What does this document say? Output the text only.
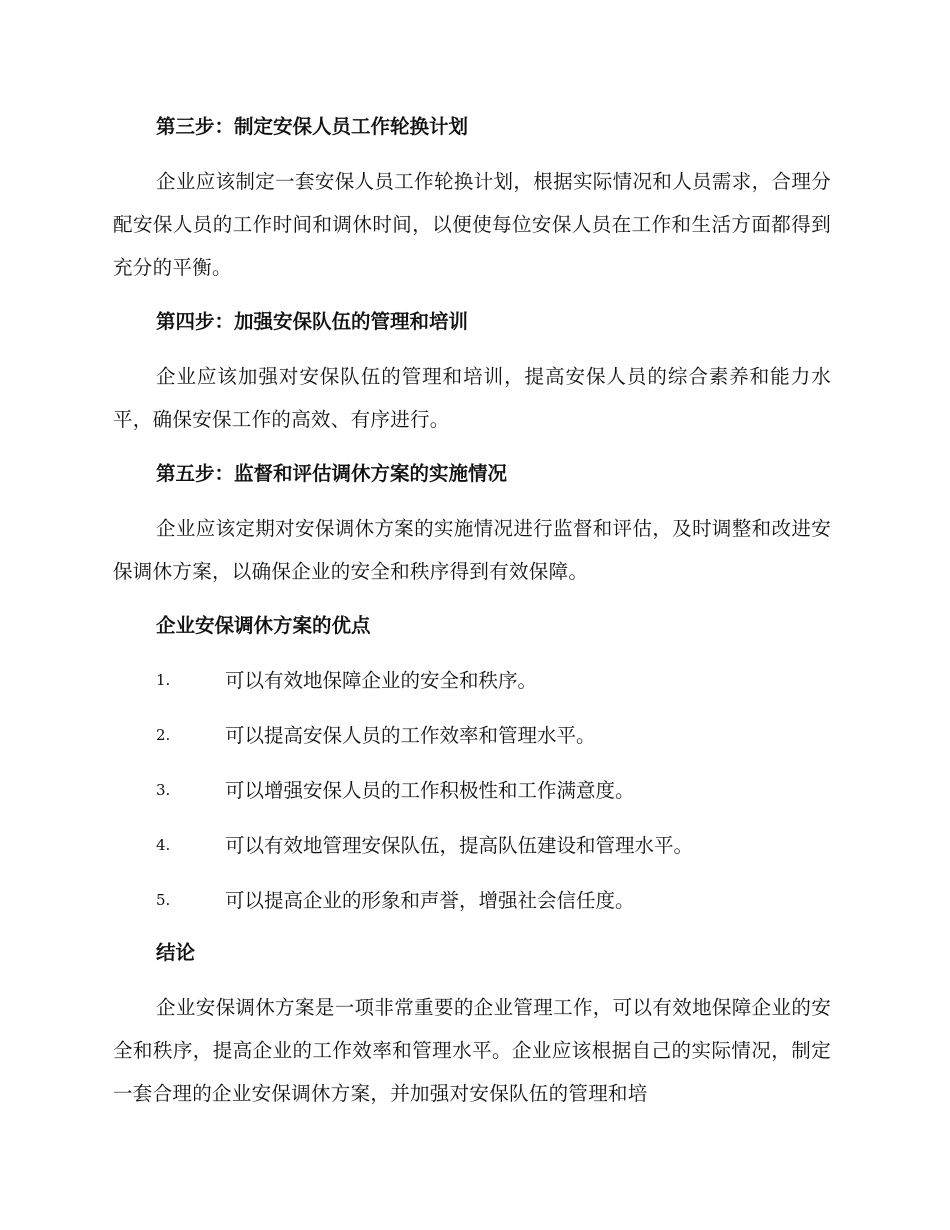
第三步：制定安保人员工作轮换计划

企业应该制定一套安保人员工作轮换计划，根据实际情况和人员需求，合理分配安保人员的工作时间和调休时间，以便使每位安保人员在工作和生活方面都得到充分的平衡。

第四步：加强安保队伍的管理和培训

企业应该加强对安保队伍的管理和培训，提高安保人员的综合素养和能力水平，确保安保工作的高效、有序进行。

第五步：监督和评估调休方案的实施情况

企业应该定期对安保调休方案的实施情况进行监督和评估，及时调整和改进安保调休方案，以确保企业的安全和秩序得到有效保障。

企业安保调休方案的优点
1.	可以有效地保障企业的安全和秩序。
2.	可以提高安保人员的工作效率和管理水平。
3.	可以增强安保人员的工作积极性和工作满意度。
4.	可以有效地管理安保队伍，提高队伍建设和管理水平。
5.	可以提高企业的形象和声誉，增强社会信任度。
结论

企业安保调休方案是一项非常重要的企业管理工作，可以有效地保障企业的安全和秩序，提高企业的工作效率和管理水平。企业应该根据自己的实际情况，制定一套合理的企业安保调休方案，并加强对安保队伍的管理和培
